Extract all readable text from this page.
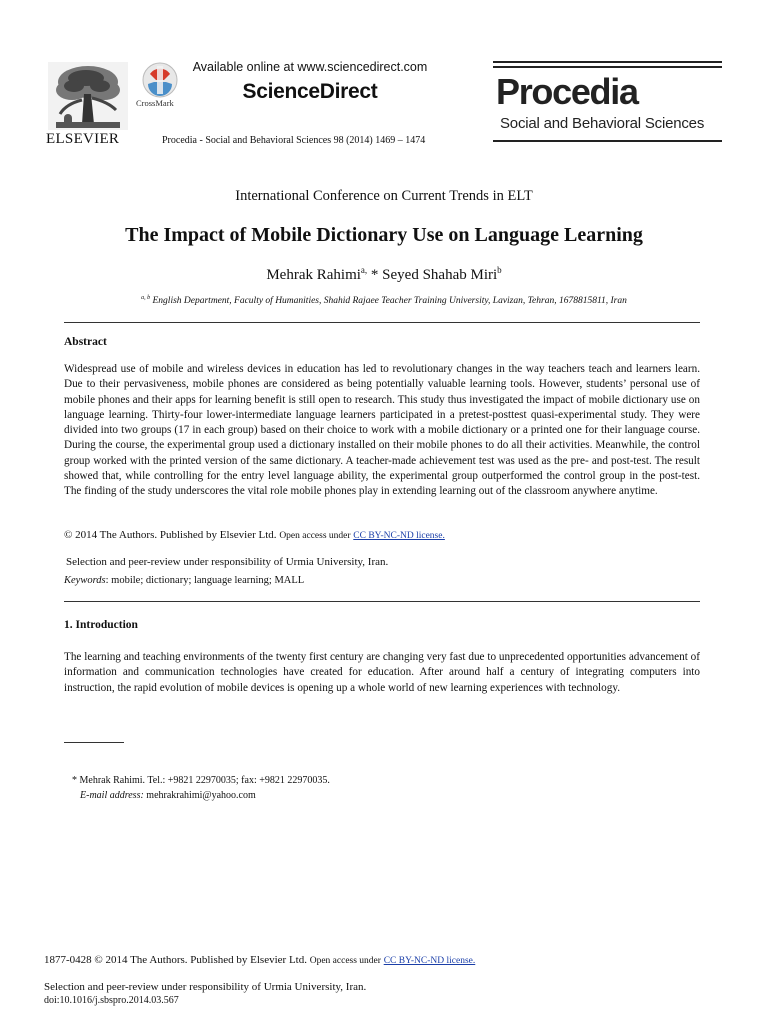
ELSEVIER
CrossMark
Available online at www.sciencedirect.com
ScienceDirect
Procedia - Social and Behavioral Sciences 98 (2014) 1469 – 1474
Procedia
Social and Behavioral Sciences
International Conference on Current Trends in ELT
The Impact of Mobile Dictionary Use on Language Learning
Mehrak Rahimi$^{a,}$ * Seyed Shahab Miri$^b$
$^{a, b}$ English Department, Faculty of Humanities, Shahid Rajaee Teacher Training University, Lavizan, Tehran, 1678815811, Iran
Abstract

Widespread use of mobile and wireless devices in education has led to revolutionary changes in the way teachers teach and learners learn. Due to their pervasiveness, mobile phones are considered as being potentially valuable learning tools. However, students’ personal use of mobile phones and their apps for learning benefit is still open to research. This study thus investigated the impact of mobile dictionary use on language learning. Thirty-four lower-intermediate language learners participated in a pretest-posttest quasi-experimental study. They were divided into two groups (17 in each group) based on their choice to work with a mobile dictionary or a printed one for their language course. During the course, the experimental group used a dictionary installed on their mobile phones to do all their activities. Meanwhile, the control group worked with the printed version of the same dictionary. A teacher-made achievement test was used as the pre- and post-test. The result showed that, while controlling for the entry level language ability, the experimental group outperformed the control group in the post-test. The finding of the study underscores the vital role mobile phones play in extending learning out of the classroom anywhere anytime.

© 2014 The Authors. Published by Elsevier Ltd. Open access under CC BY-NC-ND license.
Selection and peer-review under responsibility of Urmia University, Iran.
Keywords: mobile; dictionary; language learning; MALL
1. Introduction

The learning and teaching environments of the twenty first century are changing very fast due to unprecedented opportunities advancement of information and communication technologies have created for education. After around half a century of integrating computers into instruction, the rapid evolution of mobile devices is opening up a whole world of new learning experiences with technology.

* Mehrak Rahimi. Tel.: +9821 22970035; fax: +9821 22970035.
E-mail address: mehrakrahimi@yahoo.com
1877-0428 © 2014 The Authors. Published by Elsevier Ltd. Open access under CC BY-NC-ND license.
Selection and peer-review under responsibility of Urmia University, Iran.
doi:10.1016/j.sbspro.2014.03.567
